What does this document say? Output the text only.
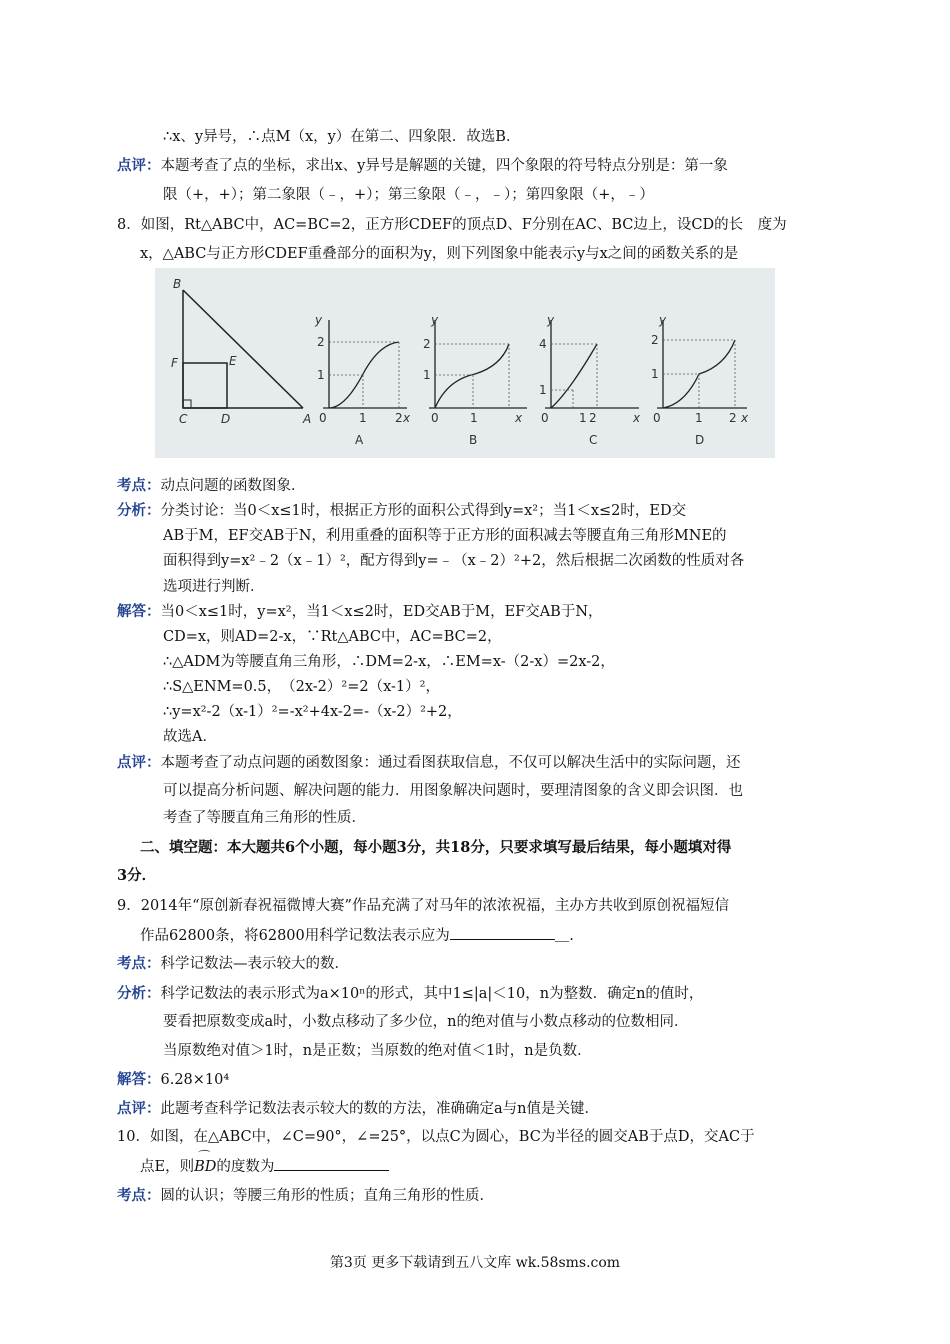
∴x、y异号，∴点M（x，y）在第二、四象限．故选B．
点评：本题考查了点的坐标，求出x、y异号是解题的关键，四个象限的符号特点分别是：第一象
限（+，+）；第二象限（﹣，+）；第三象限（﹣，﹣）；第四象限（+，﹣）
8．如图，Rt△ABC中，AC=BC=2，正方形CDEF的顶点D、F分别在AC、BC边上，设CD的长　度为
x，△ABC与正方形CDEF重叠部分的面积为y，则下列图象中能表示y与x之间的函数关系的是
B
F	E
C	D	A
y
2
1
0	1 2 x
A
y
2
1
0	1	x
B
y
4
1
0	1 2	x
C
y
2
1
0	1 2 x
D
考点：动点问题的函数图象．
分析：分类讨论：当0＜x≤1时，根据正方形的面积公式得到y=x²；当1＜x≤2时，ED交
AB于M，EF交AB于N，利用重叠的面积等于正方形的面积减去等腰直角三角形MNE的
面积得到y=x²﹣2（x﹣1）²，配方得到y=﹣（x﹣2）²+2，然后根据二次函数的性质对各
选项进行判断．
解答：当0＜x≤1时，y=x²，当1＜x≤2时，ED交AB于M，EF交AB于N，
CD=x，则AD=2-x，∵Rt△ABC中，AC=BC=2，
∴△ADM为等腰直角三角形，∴DM=2-x，∴EM=x-（2-x）=2x-2，
∴S△ENM=0.5，　（2x-2）²=2（x-1）²，
∴y=x²-2（x-1）²=-x²+4x-2=-（x-2）²+2，
故选A．
点评：本题考查了动点问题的函数图象：通过看图获取信息，不仅可以解决生活中的实际问题，还
可以提高分析问题、解决问题的能力．用图象解决问题时，要理清图象的含义即会识图．也
考查了等腰直角三角形的性质．
二、填空题：本大题共6个小题，每小题3分，共18分，只要求填写最后结果，每小题填对得
3分．
9．2014年“原创新春祝福微博大赛”作品充满了对马年的浓浓祝福，主办方共收到原创祝福短信
作品62800条，将62800用科学记数法表示应为	＿.
考点：科学记数法—表示较大的数．
分析：科学记数法的表示形式为a×10ⁿ的形式，其中1≤|a|＜10，n为整数．确定n的值时，
要看把原数变成a时，小数点移动了多少位，n的绝对值与小数点移动的位数相同．
当原数绝对值＞1时，n是正数；当原数的绝对值＜1时，n是负数．
解答：6.28×10⁴
点评：此题考查科学记数法表示较大的数的方法，准确确定a与n值是关键．
10．如图，在△ABC中，∠C=90°，∠=25°，以点C为圆心，BC为半径的圆交AB于点D，交AC于
点E，则⌒ BD的度数为
考点：圆的认识；等腰三角形的性质；直角三角形的性质．
第3页 更多下载请到五八文库 wk.58sms.com
